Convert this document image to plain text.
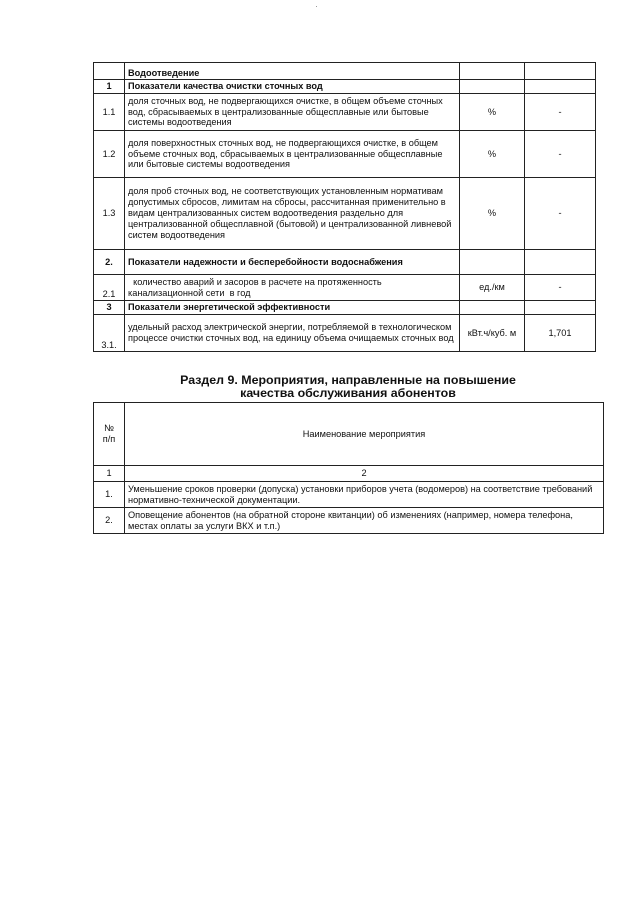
	Водоотведение		
1	Показатели качества очистки сточных вод		
1.1	доля сточных вод, не подвергающихся очистке, в общем объеме сточных вод, сбрасываемых в централизованные общесплавные или бытовые системы водоотведения	%	-
1.2	доля поверхностных сточных вод, не подвергающихся очистке, в общем объеме сточных вод, сбрасываемых в централизованные общесплавные или бытовые системы водоотведения	%	-
1.3	доля проб сточных вод, не соответствующих установленным нормативам допустимых сбросов, лимитам на сбросы, рассчитанная применительно в видам централизованных систем водоотведения раздельно для централизованной общесплавной (бытовой) и централизованной ливневой систем водоотведения	%	-
2.	Показатели надежности и бесперебойности водоснабжения		
2.1	количество аварий и засоров в расчете на протяженность канализационной сети  в год	ед./км	-
3	Показатели энергетической эффективности		
3.1.	удельный расход электрической энергии, потребляемой в технологическом процессе очистки сточных вод, на единицу объема очищаемых сточных вод	кВт.ч/куб. м	1,701
Раздел 9. Мероприятия, направленные на повышение
качества обслуживания абонентов
№ п/п	Наименование мероприятия
1	2
1.	Уменьшение сроков проверки (допуска) установки приборов учета (водомеров) на соответствие требований нормативно-технической документации.
2.	Оповещение абонентов (на обратной стороне квитанции) об изменениях (например, номера телефона, местах оплаты за услуги ВКХ и т.п.)
